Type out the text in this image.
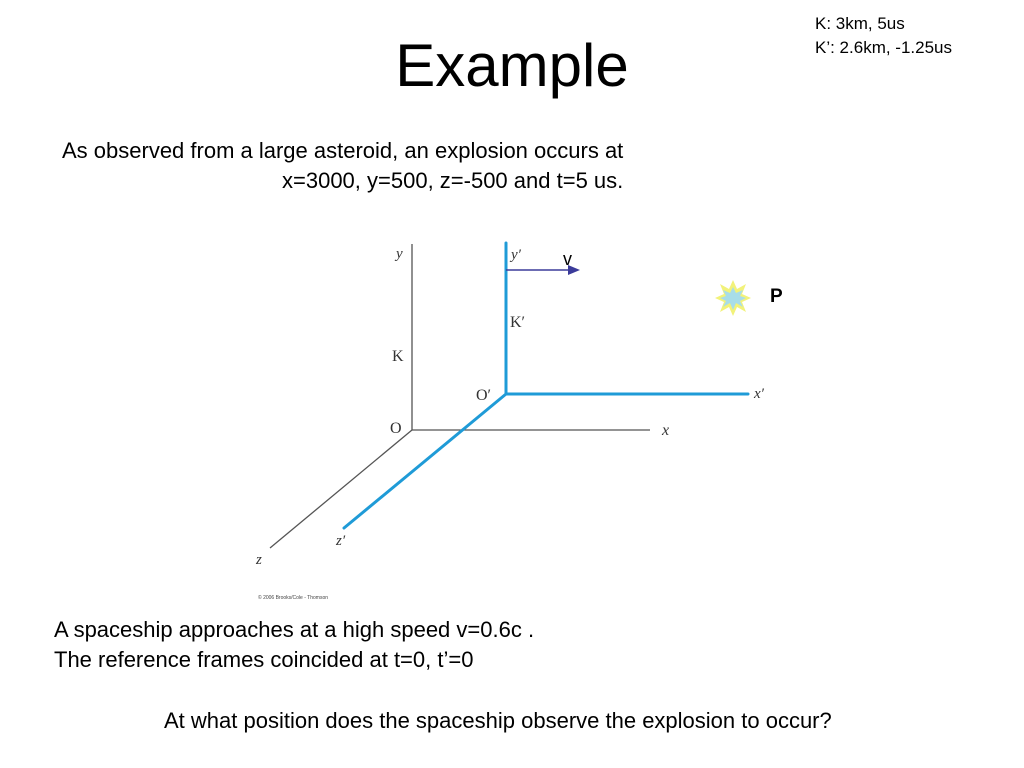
Example
K: 3km, 5us
K’: 2.6km, -1.25us
As observed from a large asteroid, an explosion occurs at
x=3000, y=500, z=-500 and t=5 us.
y
K
O	x
z
y′
K′
O′	x′
z′
v
P
© 2006 Brooks/Cole - Thomson
A spaceship approaches at a high speed v=0.6c .
The reference frames coincided at t=0, t’=0
At what position does the spaceship observe the explosion to occur?
